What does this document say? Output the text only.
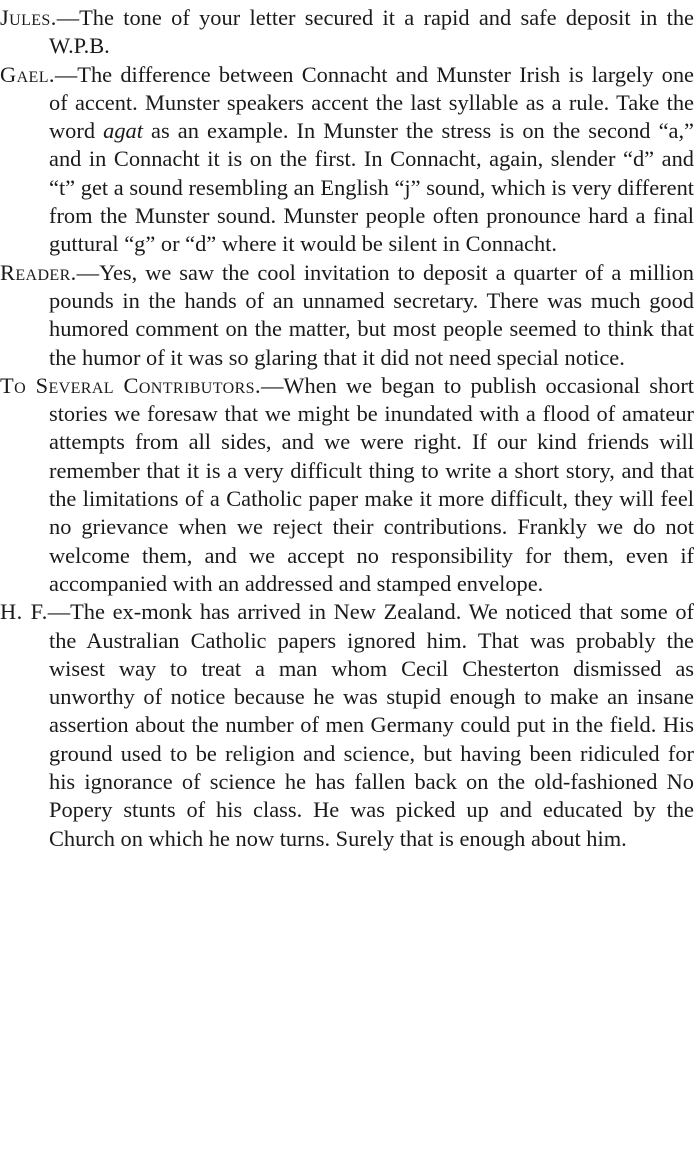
Jules.—The tone of your letter secured it a rapid and safe deposit in the W.P.B.

Gael.—The difference between Connacht and Munster Irish is largely one of accent. Munster speakers accent the last syllable as a rule. Take the word agat as an example. In Munster the stress is on the second “a,” and in Connacht it is on the first. In Connacht, again, slender “d” and “t” get a sound resembling an English “j” sound, which is very different from the Munster sound. Munster people often pronounce hard a final guttural “g” or “d” where it would be silent in Connacht.

Reader.—Yes, we saw the cool invitation to deposit a quarter of a million pounds in the hands of an unnamed secretary. There was much good humored comment on the matter, but most people seemed to think that the humor of it was so glaring that it did not need special notice.

To Several Contributors.—When we began to publish occasional short stories we foresaw that we might be inundated with a flood of amateur attempts from all sides, and we were right. If our kind friends will remember that it is a very difficult thing to write a short story, and that the limitations of a Catholic paper make it more difficult, they will feel no grievance when we reject their contributions. Frankly we do not welcome them, and we accept no responsibility for them, even if accompanied with an addressed and stamped envelope.

H. F.—The ex-monk has arrived in New Zealand. We noticed that some of the Australian Catholic papers ignored him. That was probably the wisest way to treat a man whom Cecil Chesterton dismissed as unworthy of notice because he was stupid enough to make an insane assertion about the number of men Germany could put in the field. His ground used to be religion and science, but having been ridiculed for his ignorance of science he has fallen back on the old-fashioned No Popery stunts of his class. He was picked up and educated by the Church on which he now turns. Surely that is enough about him.
